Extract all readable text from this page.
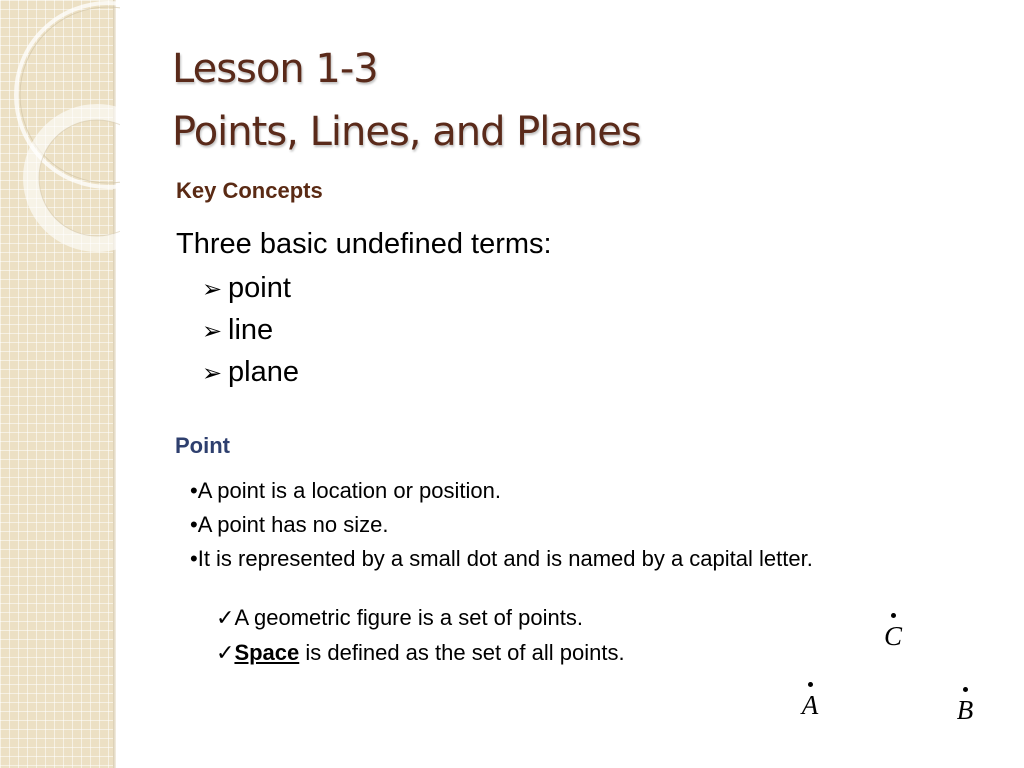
Lesson 1-3
Points, Lines, and Planes
Key Concepts
Three basic undefined terms:
➢ point
➢ line
➢ plane
Point
•A point is a location or position.
•A point has no size.
•It is represented by a small dot and is named by a capital letter.
✓A geometric figure is a set of points.
✓Space is defined as the set of all points.
C
A	B
